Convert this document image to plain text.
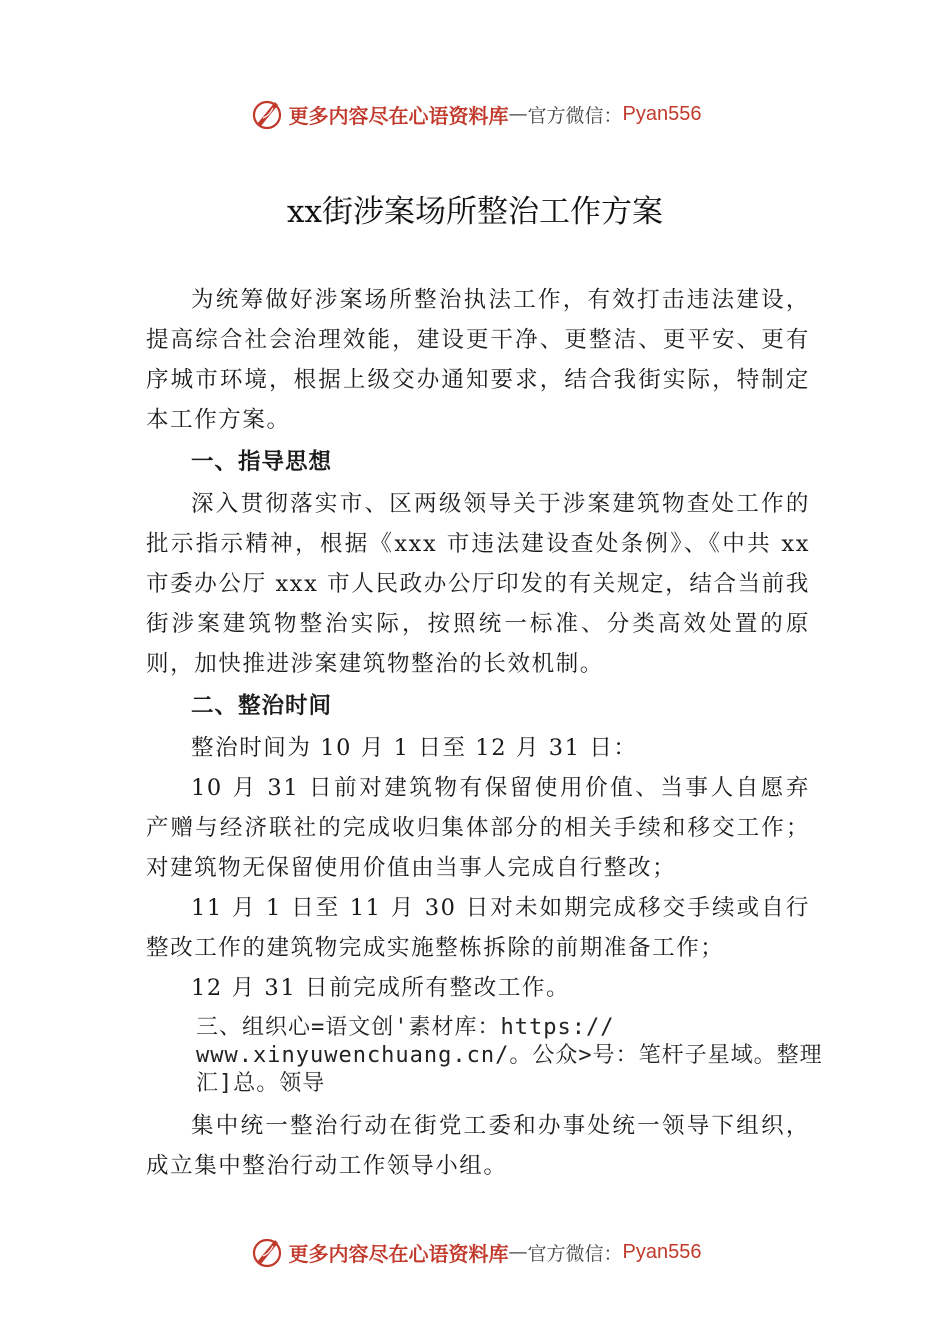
更多内容尽在心语资料库 — 官方微信： Pyan556
xx街涉案场所整治工作方案

为统筹做好涉案场所整治执法工作，有效打击违法建设，提高综合社会治理效能，建设更干净、更整洁、更平安、更有序城市环境，根据上级交办通知要求，结合我街实际，特制定本工作方案。

一、指导思想

深入贯彻落实市、区两级领导关于涉案建筑物查处工作的批示指示精神，根据《xxx 市违法建设查处条例》、《中共 xx 市委办公厅 xxx 市人民政办公厅印发的有关规定，结合当前我街涉案建筑物整治实际，按照统一标准、分类高效处置的原则，加快推进涉案建筑物整治的长效机制。

二、整治时间

整治时间为 10 月 1 日至 12 月 31 日：

10 月 31 日前对建筑物有保留使用价值、当事人自愿弃产赠与经济联社的完成收归集体部分的相关手续和移交工作；对建筑物无保留使用价值由当事人完成自行整改；

11 月 1 日至 11 月 30 日对未如期完成移交手续或自行整改工作的建筑物完成实施整栋拆除的前期准备工作；

12 月 31 日前完成所有整改工作。

三、组织心=语文创'素材库：https://

www.xinyuwenchuang.cn/。公众>号：笔杆子星域。整理

汇]总。领导

集中统一整治行动在街党工委和办事处统一领导下组织，成立集中整治行动工作领导小组。

更多内容尽在心语资料库 — 官方微信： Pyan556
